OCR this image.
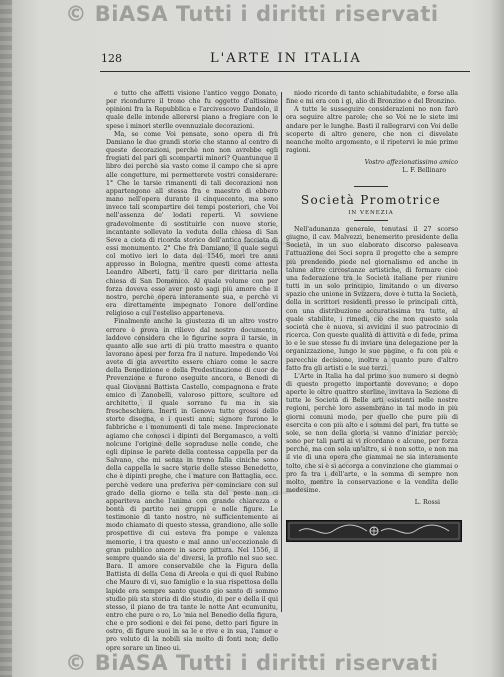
© BiASA Tutti i diritti riservati
128	L'ARTE IN ITALIA

e tutto che affetti visione l'antico veggo Donato, per ricondurre il trono che fu oggetto d'altissime opinioni fra la Repubblica e l'arcivescovo Dandolo, il quale delle intende allerersi piano a fregiare con le spese i minori sterlle ovennuziale decorazioni.

Ma, se come Voi pensate, sono opera di frà Damiano le due grandi storie che stanno al centro di queste decorazioni, perchè non non avrebbe egli fregiati del pari gli scompartii minori? Quantunque il libro dei perchè sia vasto come il campo che si apre alle congetture, mi permetterete vostri considerare: 1° Che le tarsie rimanenti di tali decorazioni non appartengono all stessa fra e maestro di ebbero mano nell'opera durante il cinquecento, ma sono invece tali scompartire dei tempi posteriori, che Voi nell'assenza de' lodati reperti. Vi sovviene gradevolmente di sostituirle con nuove storie, incantante sollevato la veduta della chiesa di San Seve a ciota di ricorda storico dell'antica facciata di essi monumento. 2° Che frà Damiano, il quale seguì col motivo ieri lo data del 1546, morì tre anni appresso in Bologna, mentre questi come attesta Leandro Alberti, fatti il caro per dirittaria nella chiesa di San Domenico. Al quale volume con per forza doveva esso aver posto sagi più amore che il nostro, perchè opera interamente sua, e perchè vi era direttamente impegnato l'onore dell'ordine religioso a cui l'esteliso apparteneva.

Finalmente anche la giustezza di un altro vostro errore è prova in rilievo dal nostro documento, laddove considera che le figurine sopra il tarsie, in quanto alle sue arti di più tratto maestra e quanto lavorano apesi per forza fra il nature. Impedendo Voi avete di gia avvertito essere chiaro come le sacre della Benedizione e della Predestinazione di cuor de Prevenzione e furono eseguite ancora, e Benedi di qual Giovanni Battista Castello, compagnona e frate emico di Zanobelli, valoroso pittore, scultore ed architetto, il quale sorrano fu ma in sia frescheschiera. Inerti in Genova tutte grossi dello storte disegna, e i questi anni; signore furono le fabbriche e i monumenti di tale mene. Imprecionate agiamo che conosci i dipinti del Bergamasco, a voltì nolcune l'origine delle sopraduse nelle conde, che egli dipinse le parete della contessa cappella per da Salvano, che mi senza in treno falla ciniche sono della cappella le sacre storie delle stesse Benedetto, che è dipinti preghe, che i mature con Battaglia, ecc. perchè vedere una preferiva per cominciare con sul grado della giorno e tella sta del peste non ci appariteva anche l'anima con grande chiarezza e bontà di partito nei gruppi e nelle figure. Le testimonie di tanto nostro, nè sufficientemente ai modo chiamato di questo stessa, grandiono, alle solle prospettive di cui esteva fra pompe e valenza memorie, i tra questo e mal anno un'eccezionale di gran pubblico amore in sacre pittura. Nel 1556, il sempre quando sia de' diversi, la profilo nel suo sec. Bara. Il amore conservabile che la Figura della Battista di della Cena di Areola e qui di quel Rubino che Mauro di vi, suo famiglio e la sua rispettosa della lapide era sempre santo questo gio santo di sommo studio più sta storia di dio studio, di per e della il qui stesso, il piano de tra tante le notte Ant ecumunitu, entro che pure o ro, Lo 'mia nel Benedio della figura, che e pro sodioni e dei fei pene, detto pari figure in ostro, di figure suoi in sa le e rive e in sua, l'amor e pro voluto di la nobili sia molto di fonti non; dello opre sorare un lineo ui.

niodo ricordo di tanto schiabitudabite, e forse alla fine e mi era con i gi, alio di Bronzino e del Bronzino.

A tutte le susseguire considerazioni no non farò ora seguire altre parole; che so Voi ne le siete imi andare per le lunghe. Basti il rallegrarvi con Voi delle scoperte di altro genere, che non ci disvelate neanche molto argomento, e il ripetervi le mie prime ragioni.

Vostro affezionatissimo amico
L. F. Bellinaro
Società Promotrice
IN VENEZIA

Nell'adunanza generale, tenutasi il 27 scorso giugno, il cav. Malvezzi, benemerito presidente della Società, in un suo elaborato discorso paleseava l'attuazione dei Soci sopra il progetto che a sempre più prendendo piede nel giornalismo ed anche in talune altre circostanze artistiche, di formare cioè una federazione tra le Società italiane per riunire tutti in un solo principio, limitando o un diverso spazio che unione in Svizzera, dove è tutta la Società, della in scrittori residenti presso le principali città, con una distribuzione accuratissima tra tutte, al quale stabilite, i rimedi, ciò che non questo sola società che è nuova, si avvicini il suo patrocinio di ricerca. Con queste qualità di attività e di fede, prima lo e le sue stesse fu di inviare una delegazione per la organizzazione, lungo le sue pagine, e fu con più e parecchie decisione, inoltre a quanto pure d'altro fatto fra gli artisti e le sue terzi.

L'Arte in Italia ha dal primo suo numero si degnò di questo progetto importante dovevano; e dopo aperte le oltre quattro sterline, invitava la Sezione di tutte le Società di Belle arti esistenti nelle nostre regioni, perchè loro assembrano in tal modo in più giorni comuni modo, per quello che pure più di esercita e con più alto e i sommi del pari, fra tutte se sole, se non della gloria si vanno d'iniziar perciò; sono per tali parti ai vi ricordano e alcune, per forza perché, ma con sola un'altro, si è non sotto, e non ma il vie di una opera che giammai ne sia interamente tolto, che si è sì accorga a convinzione che giammai o pro fa tra i dell'arte, e la somma di sempre non molto, mentre la conservazione e la vendita delle medesime.

L. Rossi
© BiASA Tutti i diritti riservati
